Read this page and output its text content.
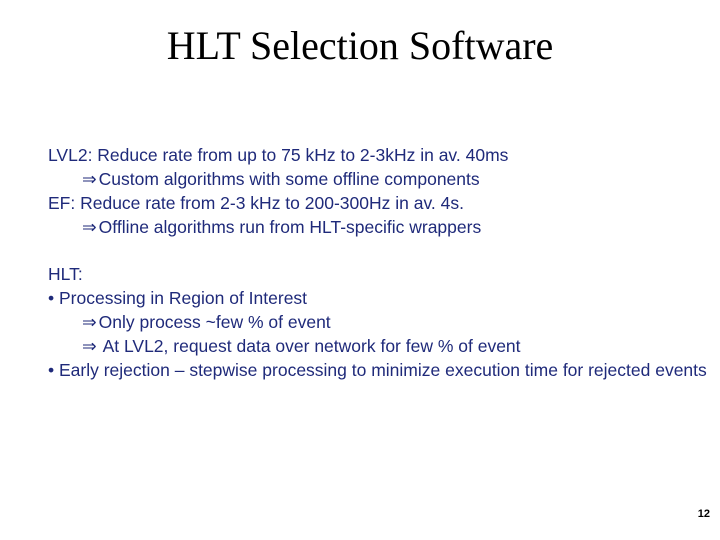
HLT Selection Software
LVL2: Reduce rate from up to 75 kHz to 2-3kHz in av. 40ms
⇒ Custom algorithms with some offline components
EF: Reduce rate from 2-3 kHz to 200-300Hz in av. 4s.
⇒ Offline algorithms run from HLT-specific wrappers
HLT:
• Processing in Region of Interest
⇒ Only process ~few % of event
⇒ At LVL2, request data over network for few % of event
• Early rejection – stepwise processing to minimize execution time for rejected events
12
